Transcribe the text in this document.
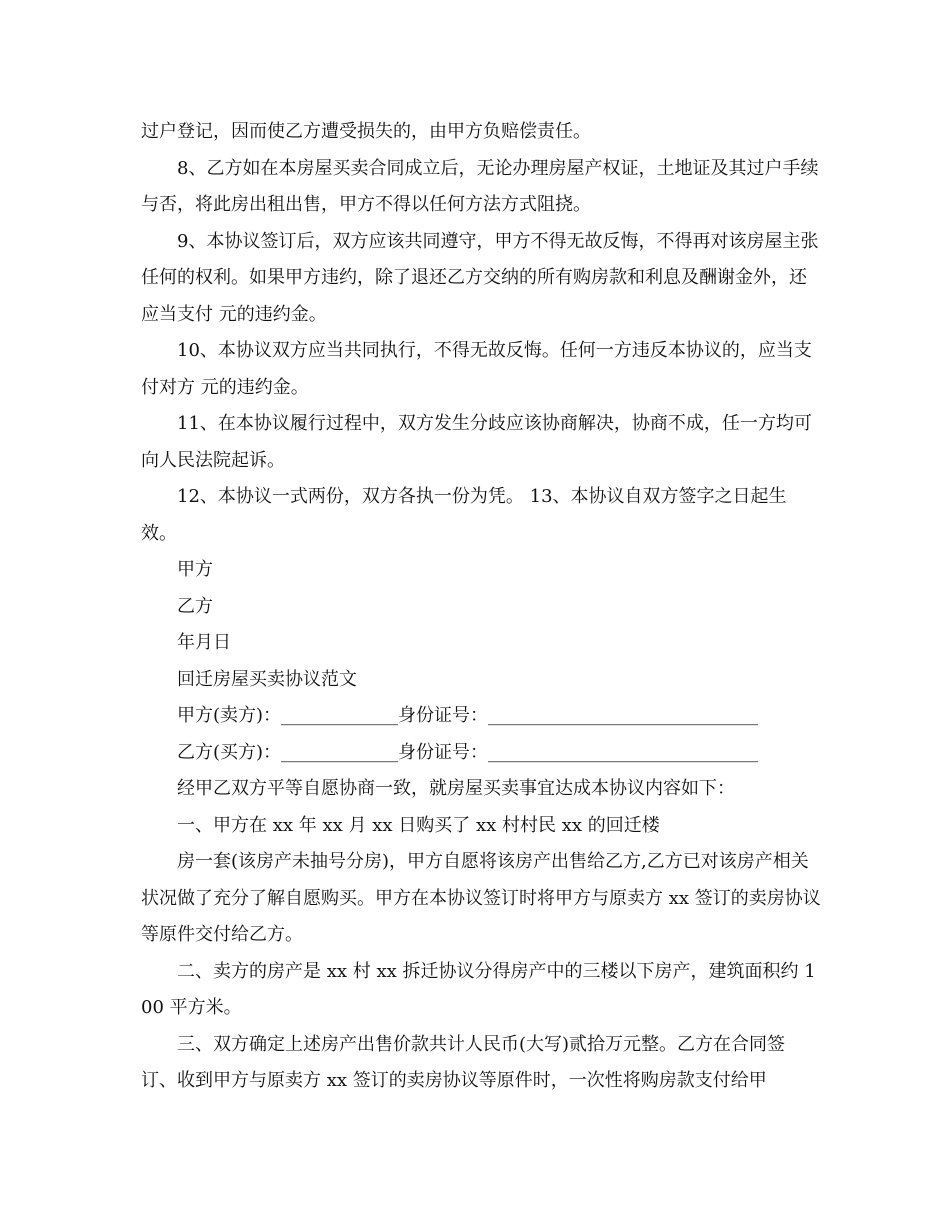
过户登记，因而使乙方遭受损失的，由甲方负赔偿责任。

8、乙方如在本房屋买卖合同成立后，无论办理房屋产权证，土地证及其过户手续与否，将此房出租出售，甲方不得以任何方法方式阻挠。

9、本协议签订后，双方应该共同遵守，甲方不得无故反悔，不得再对该房屋主张任何的权利。如果甲方违约，除了退还乙方交纳的所有购房款和利息及酬谢金外，还应当支付 元的违约金。

10、本协议双方应当共同执行，不得无故反悔。任何一方违反本协议的，应当支付对方 元的违约金。

11、在本协议履行过程中，双方发生分歧应该协商解决，协商不成，任一方均可向人民法院起诉。

12、本协议一式两份，双方各执一份为凭。 13、本协议自双方签字之日起生效。

甲方

乙方

年月日

回迁房屋买卖协议范文

甲方(卖方)：_____________身份证号：______________________________

乙方(买方)：_____________身份证号：______________________________

经甲乙双方平等自愿协商一致，就房屋买卖事宜达成本协议内容如下：

一、甲方在 xx 年 xx 月 xx 日购买了 xx 村村民 xx 的回迁楼

房一套(该房产未抽号分房)，甲方自愿将该房产出售给乙方,乙方已对该房产相关状况做了充分了解自愿购买。甲方在本协议签订时将甲方与原卖方 xx 签订的卖房协议等原件交付给乙方。

二、卖方的房产是 xx 村 xx 拆迁协议分得房产中的三楼以下房产，建筑面积约 100 平方米。

三、双方确定上述房产出售价款共计人民币(大写)贰拾万元整。乙方在合同签订、收到甲方与原卖方 xx 签订的卖房协议等原件时，一次性将购房款支付给甲
